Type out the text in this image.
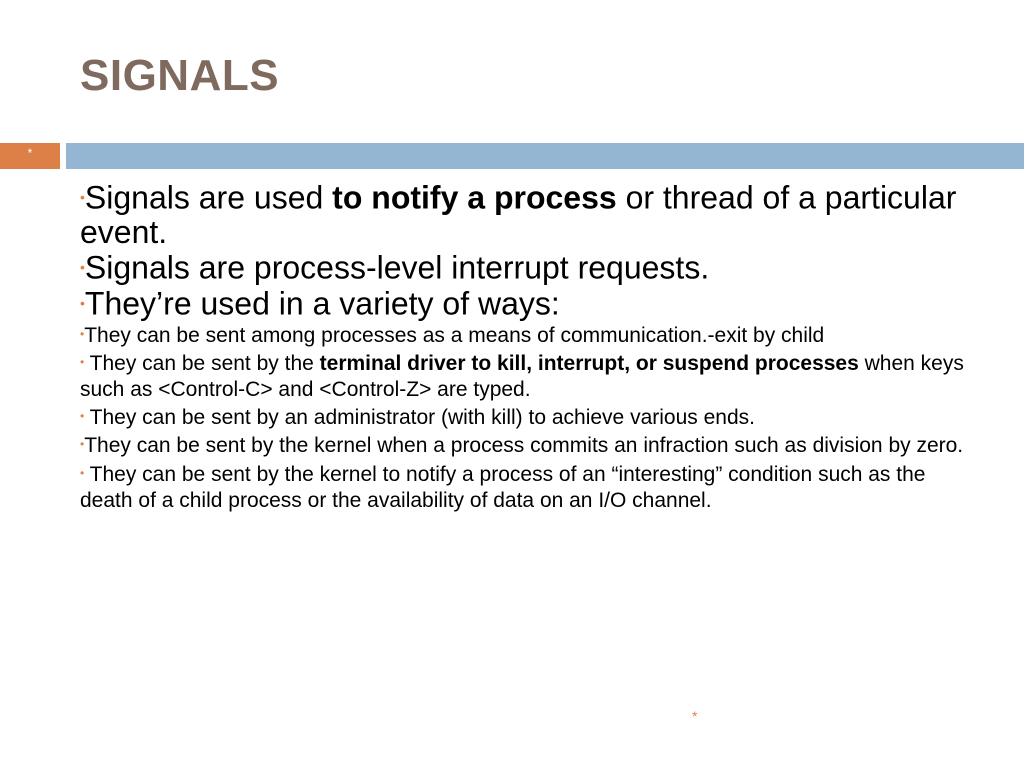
SIGNALS
*

•Signals are used to notify a process or thread of a particular event.

•Signals are process-level interrupt requests.

•They’re used in a variety of ways:

•They can be sent among processes as a means of communication.-exit by child

• They can be sent by the terminal driver to kill, interrupt, or suspend processes when keys such as <Control-C> and <Control-Z> are typed.

• They can be sent by an administrator (with kill) to achieve various ends.

•They can be sent by the kernel when a process commits an infraction such as division by zero.

• They can be sent by the kernel to notify a process of an “interesting” condition such as the death of a child process or the availability of data on an I/O channel.

*
